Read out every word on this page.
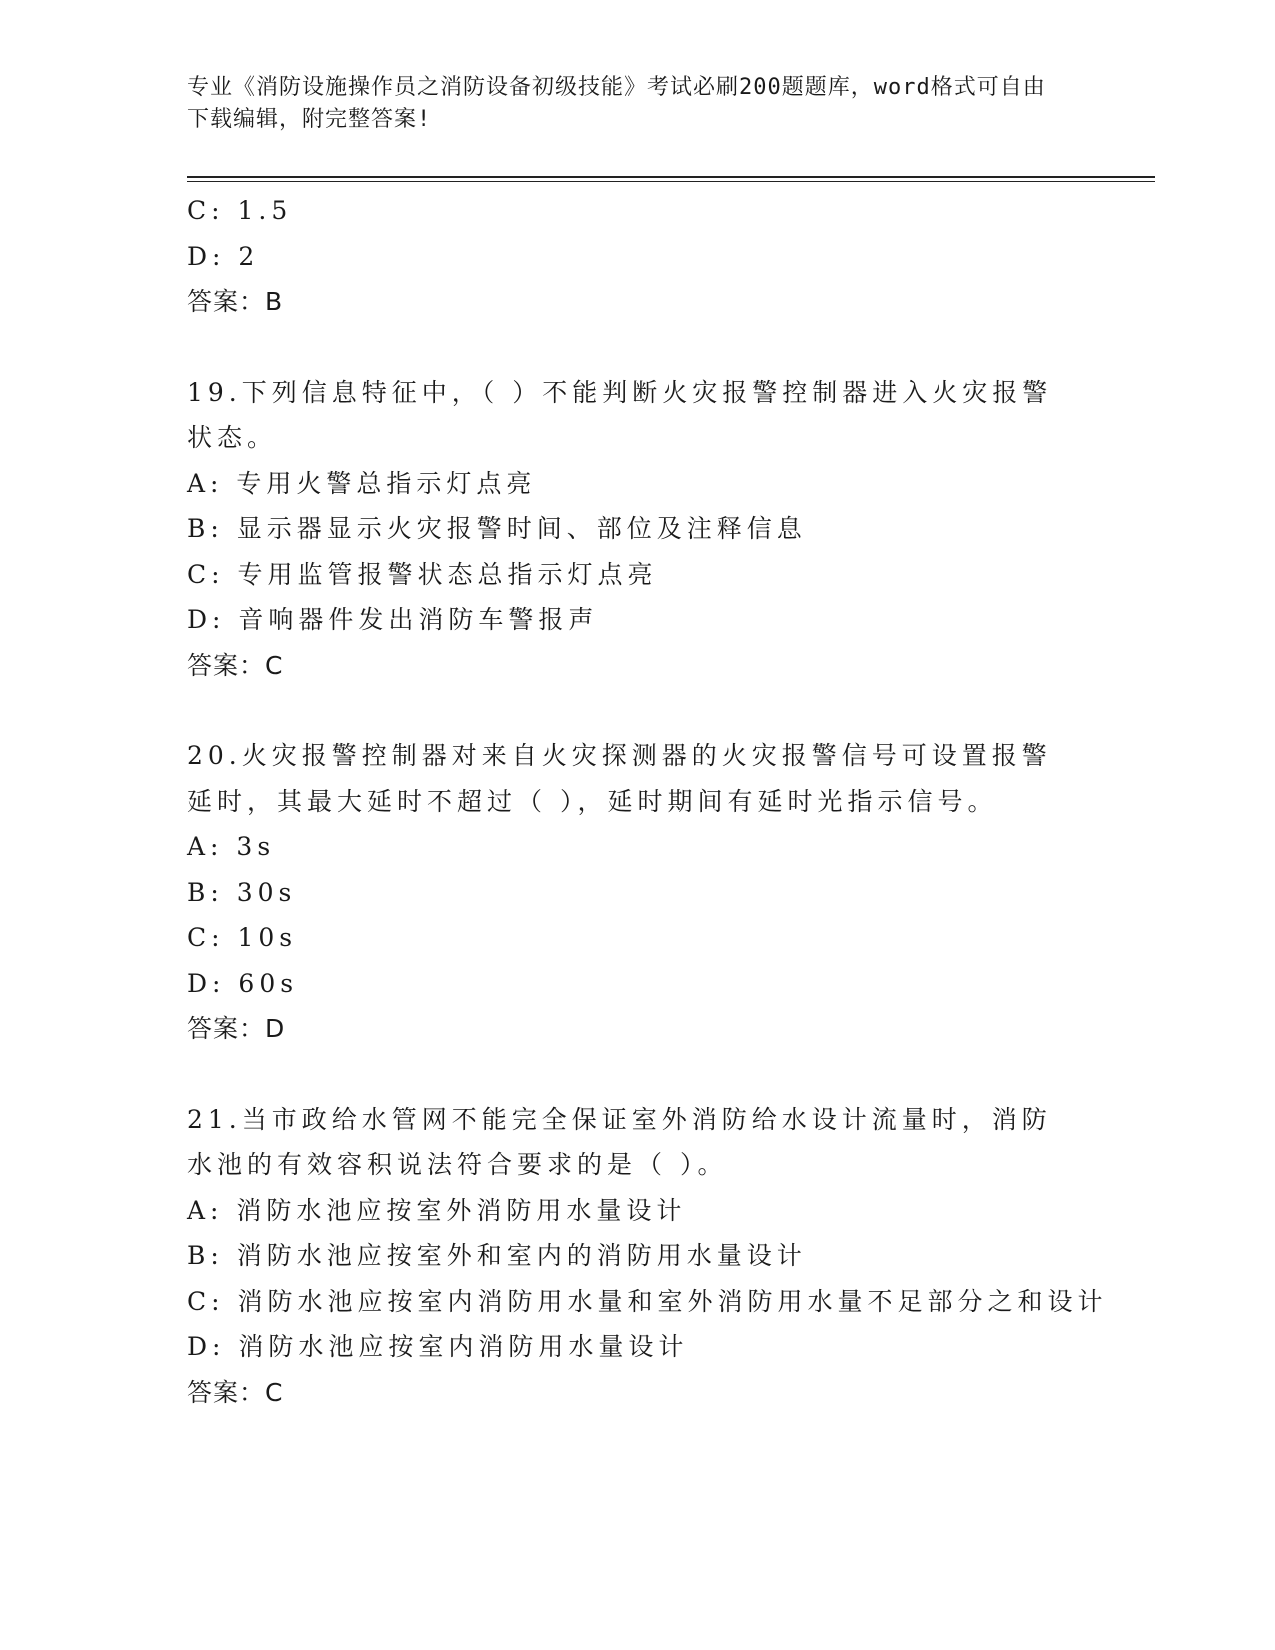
专业《消防设施操作员之消防设备初级技能》考试必刷200题题库，word格式可自由下载编辑，附完整答案!
C: 1.5
D: 2
答案：B
19.下列信息特征中，（ ）不能判断火灾报警控制器进入火灾报警状态。
A: 专用火警总指示灯点亮
B: 显示器显示火灾报警时间、部位及注释信息
C: 专用监管报警状态总指示灯点亮
D: 音响器件发出消防车警报声
答案：C
20.火灾报警控制器对来自火灾探测器的火灾报警信号可设置报警延时，其最大延时不超过（ ），延时期间有延时光指示信号。
A: 3s
B: 30s
C: 10s
D: 60s
答案：D
21.当市政给水管网不能完全保证室外消防给水设计流量时，消防水池的有效容积说法符合要求的是（ ）。
A: 消防水池应按室外消防用水量设计
B: 消防水池应按室外和室内的消防用水量设计
C: 消防水池应按室内消防用水量和室外消防用水量不足部分之和设计
D: 消防水池应按室内消防用水量设计
答案：C
